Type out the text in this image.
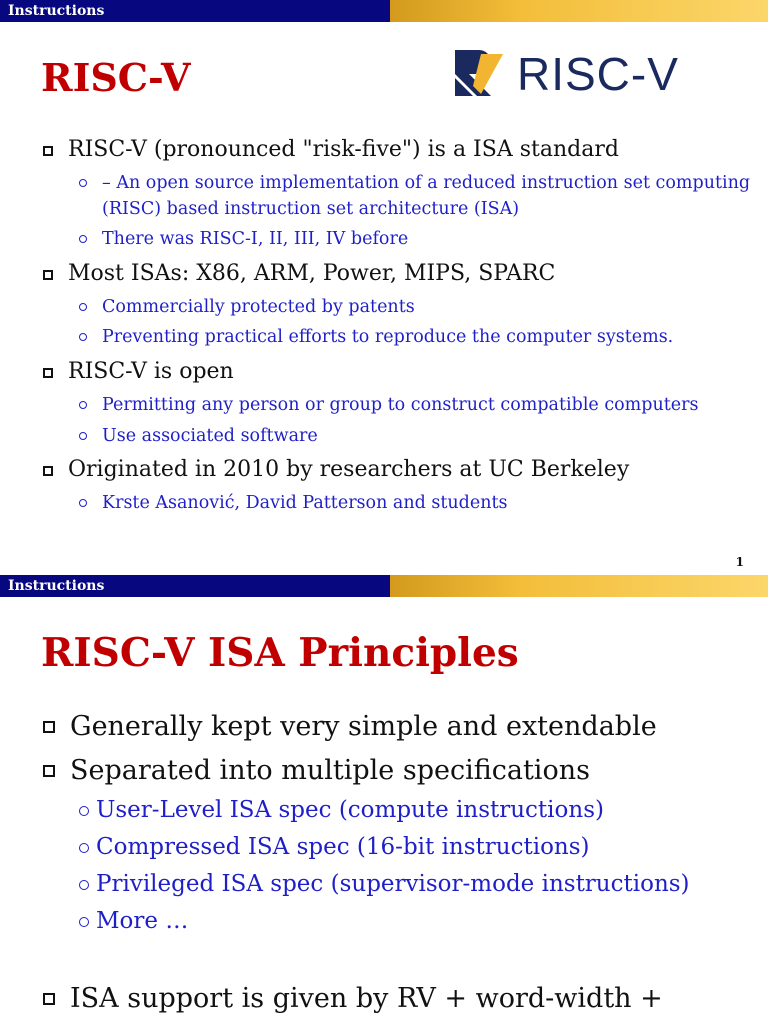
Instructions
RISC-V	RISC-V
RISC-V (pronounced "risk-five") is a ISA standard
– An open source implementation of a reduced instruction set computing (RISC) based instruction set architecture (ISA)
There was RISC-I, II, III, IV before
Most ISAs: X86, ARM, Power, MIPS, SPARC
Commercially protected by patents
Preventing practical efforts to reproduce the computer systems.
RISC-V is open
Permitting any person or group to construct compatible computers
Use associated software
Originated in 2010 by researchers at UC Berkeley
Krste Asanović, David Patterson and students
1
Instructions
RISC-V ISA Principles
Generally kept very simple and extendable
Separated into multiple specifications
User-Level ISA spec (compute instructions)
Compressed ISA spec (16-bit instructions)
Privileged ISA spec (supervisor-mode instructions)
More …
ISA support is given by RV + word-width +
